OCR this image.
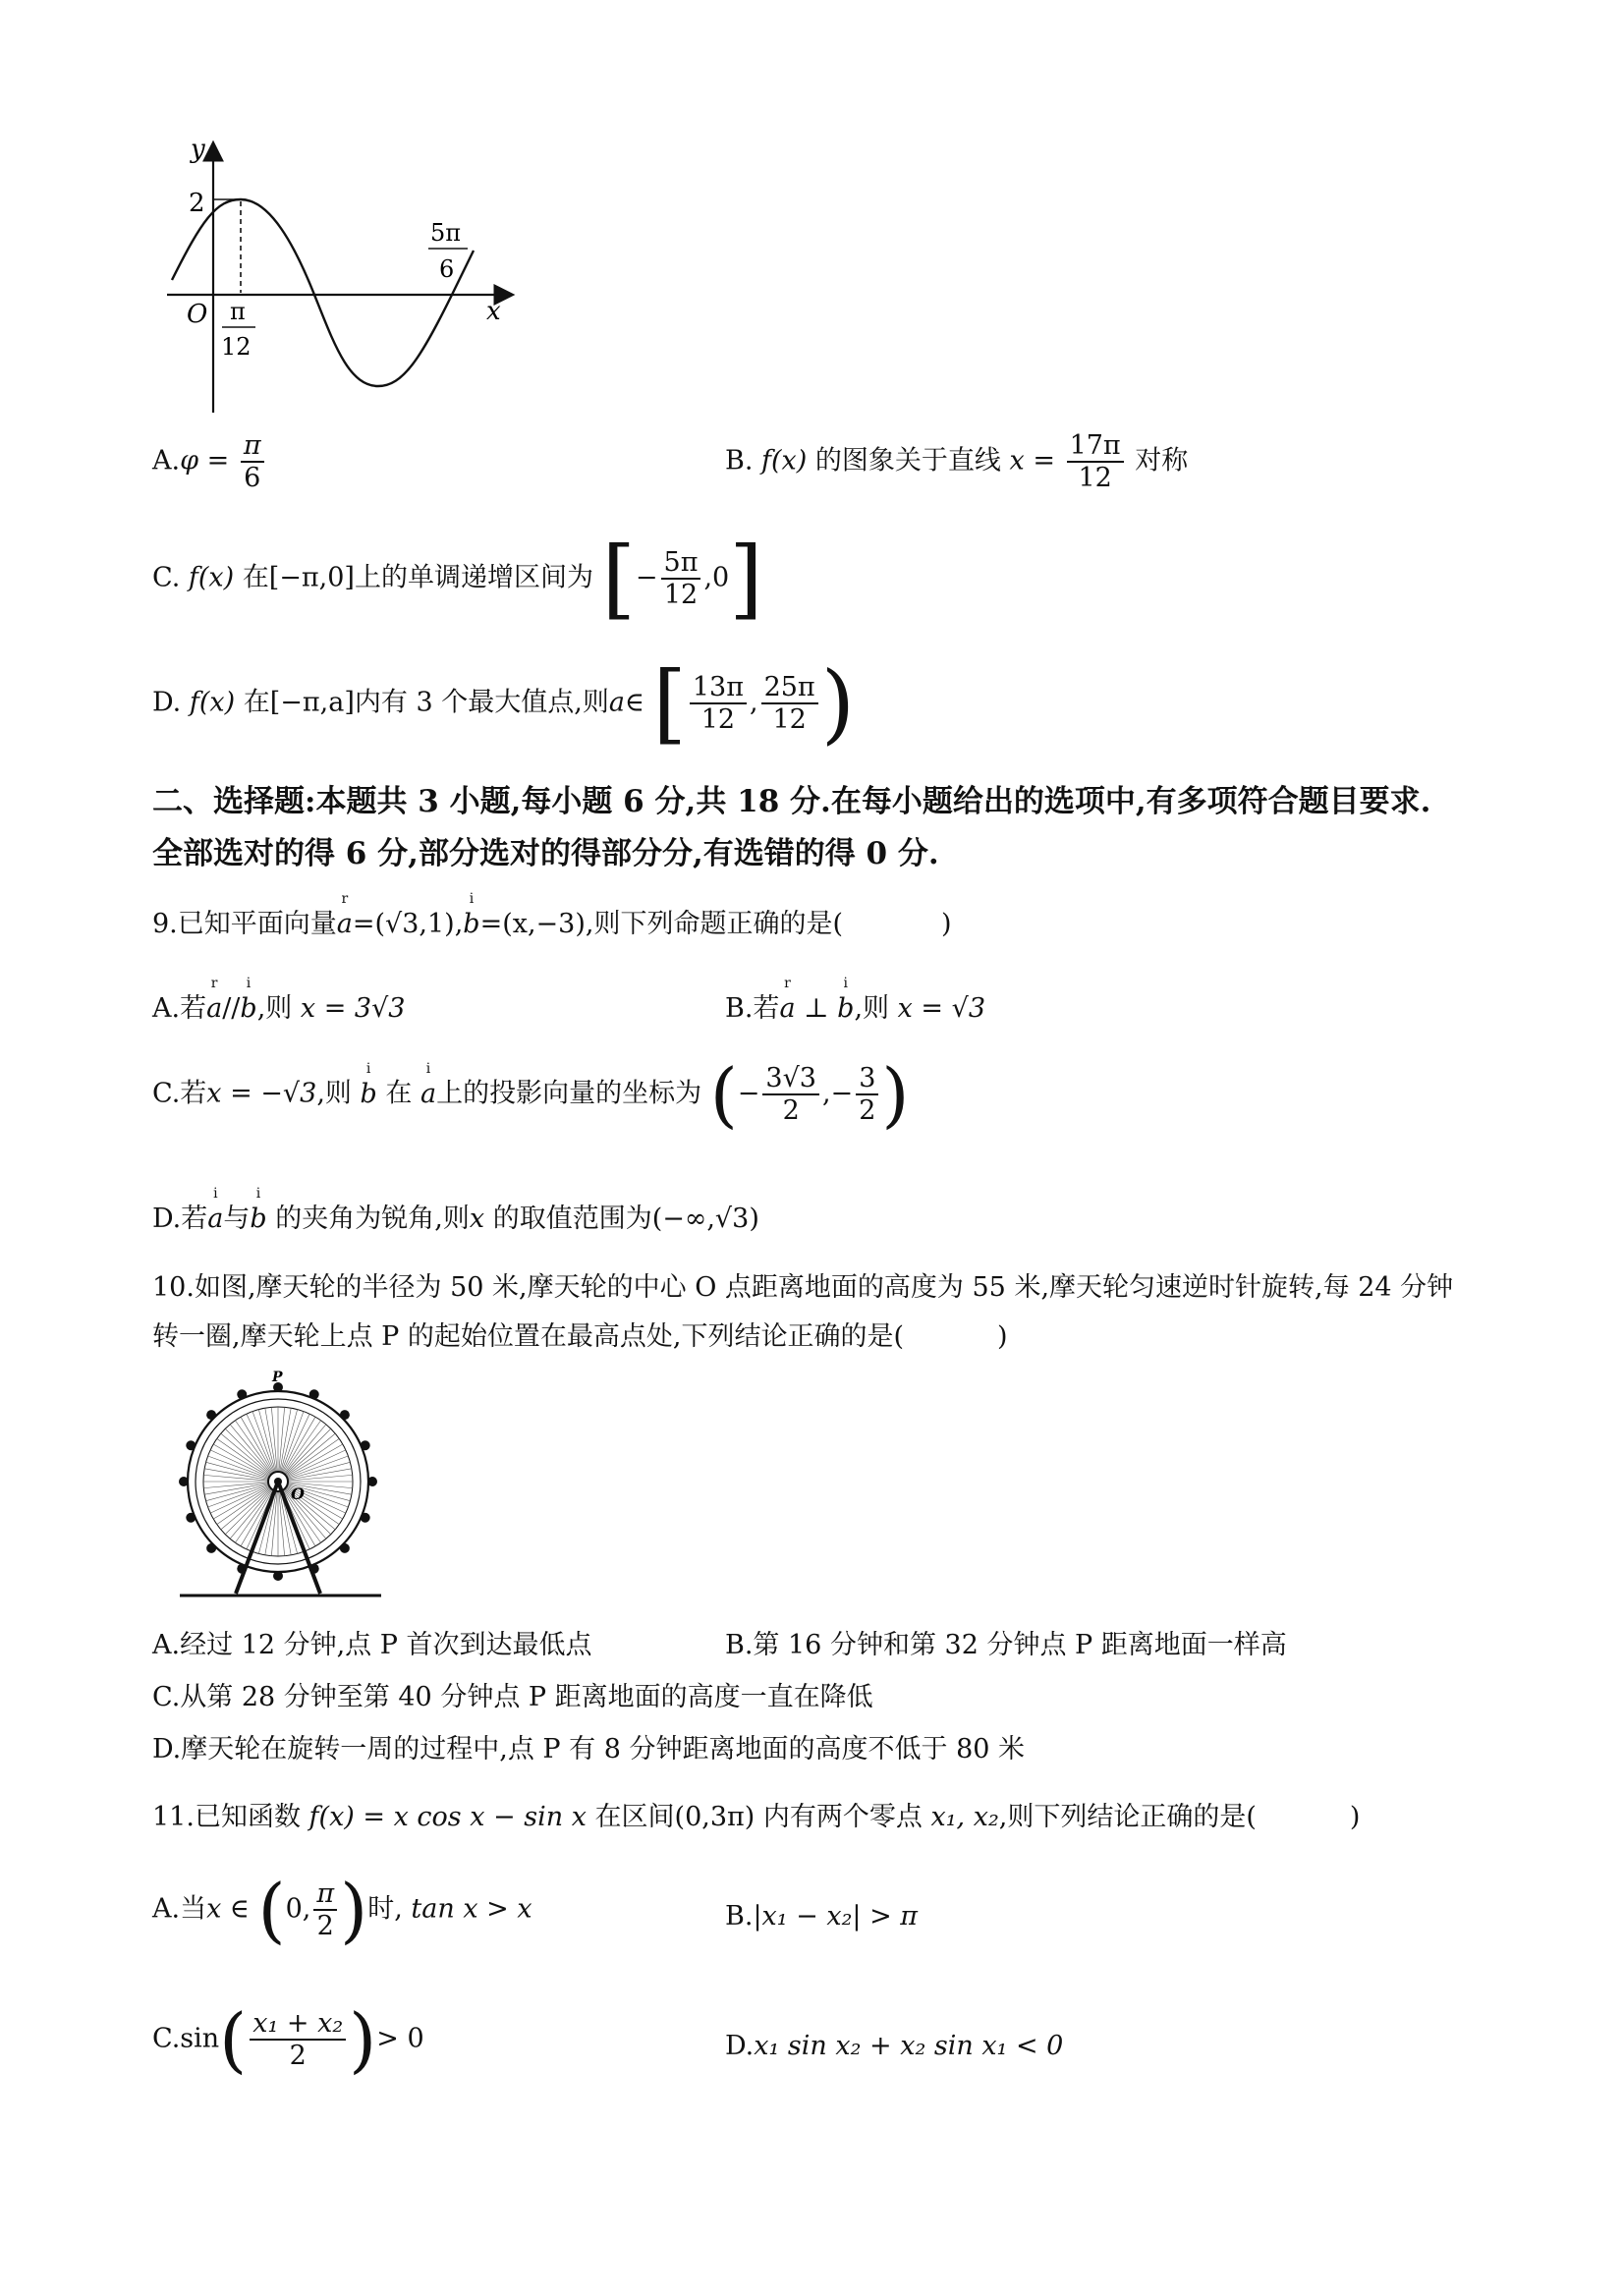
y
x
O
2
π
12
5π
6
$A.\varphi = \frac{\pi}{6}$	B. f(x) 的图象关于直线 $x = \frac{17\pi}{12}$ 对称
C. f(x) 在[−π,0]上的单调递增区间为 [− $\frac{5\pi}{12} ,0$]
D. f(x) 在[−π,a]内有 3 个最大值点,则a∈ [ $\frac{13\pi}{12}$ , $\frac{25\pi}{12}$ )
二、选择题:本题共 3 小题,每小题 6 分,共 18 分.在每小题给出的选项中,有多项符合题目要求.
全部选对的得 6 分,部分选对的得部分分,有选错的得 0 分.
9.已知平面向量r a=(√3,1),i b=(x,−3),则下列命题正确的是(	)
A.若r a//i b,则 x = 3√3	B.若r a ⊥ i b,则 x = √3
C.若x = −√3,则 i b 在 i a上的投影向量的坐标为 (− $\frac{3√3}{2}$ ,− $\frac{3}{2}$ )
D.若i a与i b 的夹角为锐角,则x 的取值范围为(−∞,√3)
10.如图,摩天轮的半径为 50 米,摩天轮的中心 O 点距离地面的高度为 55 米,摩天轮匀速逆时针旋转,每 24 分钟
转一圈,摩天轮上点 P 的起始位置在最高点处,下列结论正确的是(	)
P
O
A.经过 12 分钟,点 P 首次到达最低点	B.第 16 分钟和第 32 分钟点 P 距离地面一样高
C.从第 28 分钟至第 40 分钟点 P 距离地面的高度一直在降低
D.摩天轮在旋转一周的过程中,点 P 有 8 分钟距离地面的高度不低于 80 米
11.已知函数 f(x) = x cos x − sin x 在区间(0,3π) 内有两个零点 x₁, x₂,则下列结论正确的是(	)
A.当x ∈ (0, $\frac{\pi}{2}$ )时, tan x > x	B.|x₁ − x₂| > π
$C.\sin( \frac{\text{x₁ + x₂}}{2}$ )> 0	D.x₁ sin x₂ + x₂ sin x₁ < 0
